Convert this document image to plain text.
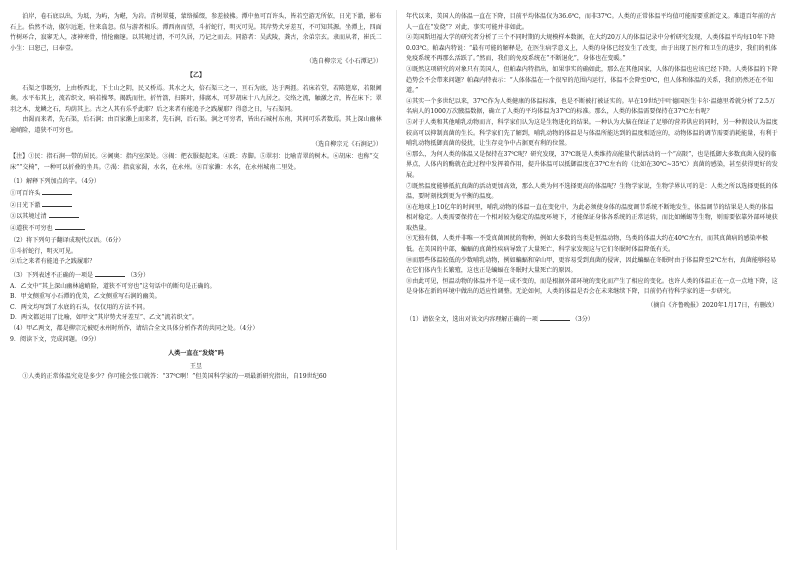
泊岸，卷石底以出，为坻，为屿，为嵁，为岩。青树翠蔓，蒙络摇缀，参差披拂。潭中鱼可百许头，皆若空游无所依，日光下澈，影布石上。佁然不动，俶尔远逝，往来翕忽。似与游者相乐。潭西南而望，斗折蛇行，明灭可见。其岸势犬牙差互，不可知其源。坐潭上，四面竹树环合，寂寥无人，凄神寒骨，悄怆幽邃。以其境过清，不可久居，乃记之而去。同游者：吴武陵，龚古，余弟宗玄。隶而从者，崔氏二小生：曰恕己，曰奉壹。

（选自柳宗元《小石潭记》）

【乙】

石渠之事既穷，上由桥西北，下土山之阴，民又桥焉。其水之大，倍石渠三之一，亘石为底，达于两涯。若床若堂，若陈筵席，若限阃奥。水平布其上，流若织文，响若操琴。揭跣而往，折竹箭，扫陈叶，排腐木，可罗胡床十八九居之。交络之流，触激之音，皆在床下；翠羽之木，龙鳞之石，均荫其上。古之人其有乐乎此耶？后之来者有能追予之践履耶？得意之日，与石渠同。

由渴而来者，先石渠，后石涧；由百家濑上而来者，先石涧，后石渠。涧之可穷者，皆出石城村东南，其间可乐者数焉。其上深山幽林逾峭险，道狭不可穷也。

（选自柳宗元《石涧记》）

【注】①民：指石涧一带的居民。②阃奥：指内室深处。③揭：把衣服提起来。④跣：赤脚。⑤翠羽：比喻青翠的树木。⑥胡床：也称“交床”“交椅”，一种可以折叠的坐具。⑦渴：指袁家渴，水名，在永州。⑧百家濑：水名，在永州城南二里处。

（1）解释下列加点的字。（4分）

①可百许头

②日光下澈

③以其境过清

④道狭不可穷也

（2）将下列句子翻译成现代汉语。（6分）

①斗折蛇行，明灭可见。

②后之来者有能追予之践履耶？

（3）下列表述不正确的一项是	（3分）

A．乙文中“其上深山幽林逾峭险，道狭不可穷也”这句话中的断句是正确的。

B．甲文侧重写小石潭的优美，乙文侧重写石涧的幽美。

C．两文均写到了水底的石头，仅仅用的方法不同。

D．两文都运用了比喻，如甲文“其岸势犬牙差互”、乙文“流若织文”。

（4）甲乙两文，都是柳宗元被贬永州时所作，请结合全文具体分析作者的共同之处。（4分）

9．阅读下文，完成问题。（9分）

人类一直在“发烧”吗

王昱

①人类的正常体温究竟是多少？你可能会张口就答：“37℃啊！”但美国科学家的一项最新研究指出，自19世纪60

年代以来，美国人的体温一直在下降，目前平均体温仅为36.6℃，而非37℃。人类的正常体温平均值可能需要重新定义。难道百年前的古人一直在“发烧”？对此，事实可能并非如此。

②美国斯坦福大学的研究者分析了三个不同时期的大规模样本数据，在大约20万人的体温记录中分析研究发现，人类体温平均每10年下降0.03℃。帕森内特说：“最有可能的解释是，在医生病学意义上，人类的身体已经发生了改变，由于出现了医疗和卫生的进步，我们的机体免疫系统不再那么活跃了。”然而，我们的免疫系统在“不断退化”，身体也在变暖。”

③既然这项研究的对象只有美国人，但帕森内特指出，如果事实的确如此，那么在其他国家，人体的体温也应该已经下降。人类体温的下降趋势会不会带来问题？帕森内特表示：“人体体温在一个很窄的范围内运行，体温不会降至0℃，但人体和体温的关系，我们仍然还在不知道。”

④其实一个多世纪以来，37℃作为人类健康的体温标准，也是不断被打被证实的。早在19世纪中叶德国医生卡尔·温德里希就分析了2.5万名病人的1000万次腋温数据，确立了人类的平均体温为37℃的标准。那么，人类的体温需要保持在37℃左右呢？

⑤对于人类和其他哺乳动物而言，科学家们认为这是生物进化的结果。一种认为大脑在保证了足够的营养供应的同时，另一种假设认为温度较高可以抑制真菌的生长。科学家们先了解到，哺乳动物的体温是与体温所能达到的温度相适应的，动物体温的调节需要消耗能量，有利于哺乳动物抵御真菌的侵扰，让生存竞争中占据更有利的位置。

⑥那么，为何人类的体温又是保持在37℃呢？研究发现，37℃既是人类维持高能量代谢活动的一个“高限”，也是抵御大多数真菌入侵的临界点，人体内的酶就在此过程中发挥着作用，提升体温可以抵御温度在37℃左右的（比如在30℃~35℃）真菌的感染，甚至获得更好的发展。

⑦既然温度能够抵抗真菌的活动更加高效，那么人类为何不选择更高的体温呢？生物学家说，生物学界认可的是：人类之所以选择更低的体温，要时刻找到更为平衡的温度。

⑧在地球上10亿年的时间里，哺乳动物的体温一直在变化中，为此必须使身体的温度调节系统不断地发生，体温调节的结果是人类的体温相对稳定。人类需要保持在一个相对较为稳定的温度环境下，才能保证身体各系统的正常运转，而比如蜥蜴等生物，则需要依靠外部环境获取热量。

⑨无独有偶，人类并非唯一不受真菌困扰的物种，例如大多数的鸟类是恒温动物，鸟类的体温大约在40℃左右，而其真菌病的感染率极低。在美国的中部，蝙蝠的真菌性疾病导致了大量死亡，科学家发现这与它们冬眠时体温降低有关。

⑩而那些体温较低的少数哺乳动物，例如蝙蝠和穿山甲，更容易受到真菌的侵害，因此蝙蝠在冬眠时由于体温降至2℃左右，真菌能够轻易在它们体内生长繁殖，这也正是蝙蝠在冬眠时大量死亡的原因。

⑪由此可见，恒温动物的体温并不是一成不变的，而是根据外部环境的变化而产生了相应的变化。也许人类的体温正在一点一点地下降，这是身体在新的环境中做出的适应性调整。无论如何，人类的体温是否会在未来继续下降，目前仍有待科学家的进一步研究。

（摘自《齐鲁晚报》2020年1月17日，有删改）

（1）请依全文，选出对该文内容理解正确的一项	（3分）
